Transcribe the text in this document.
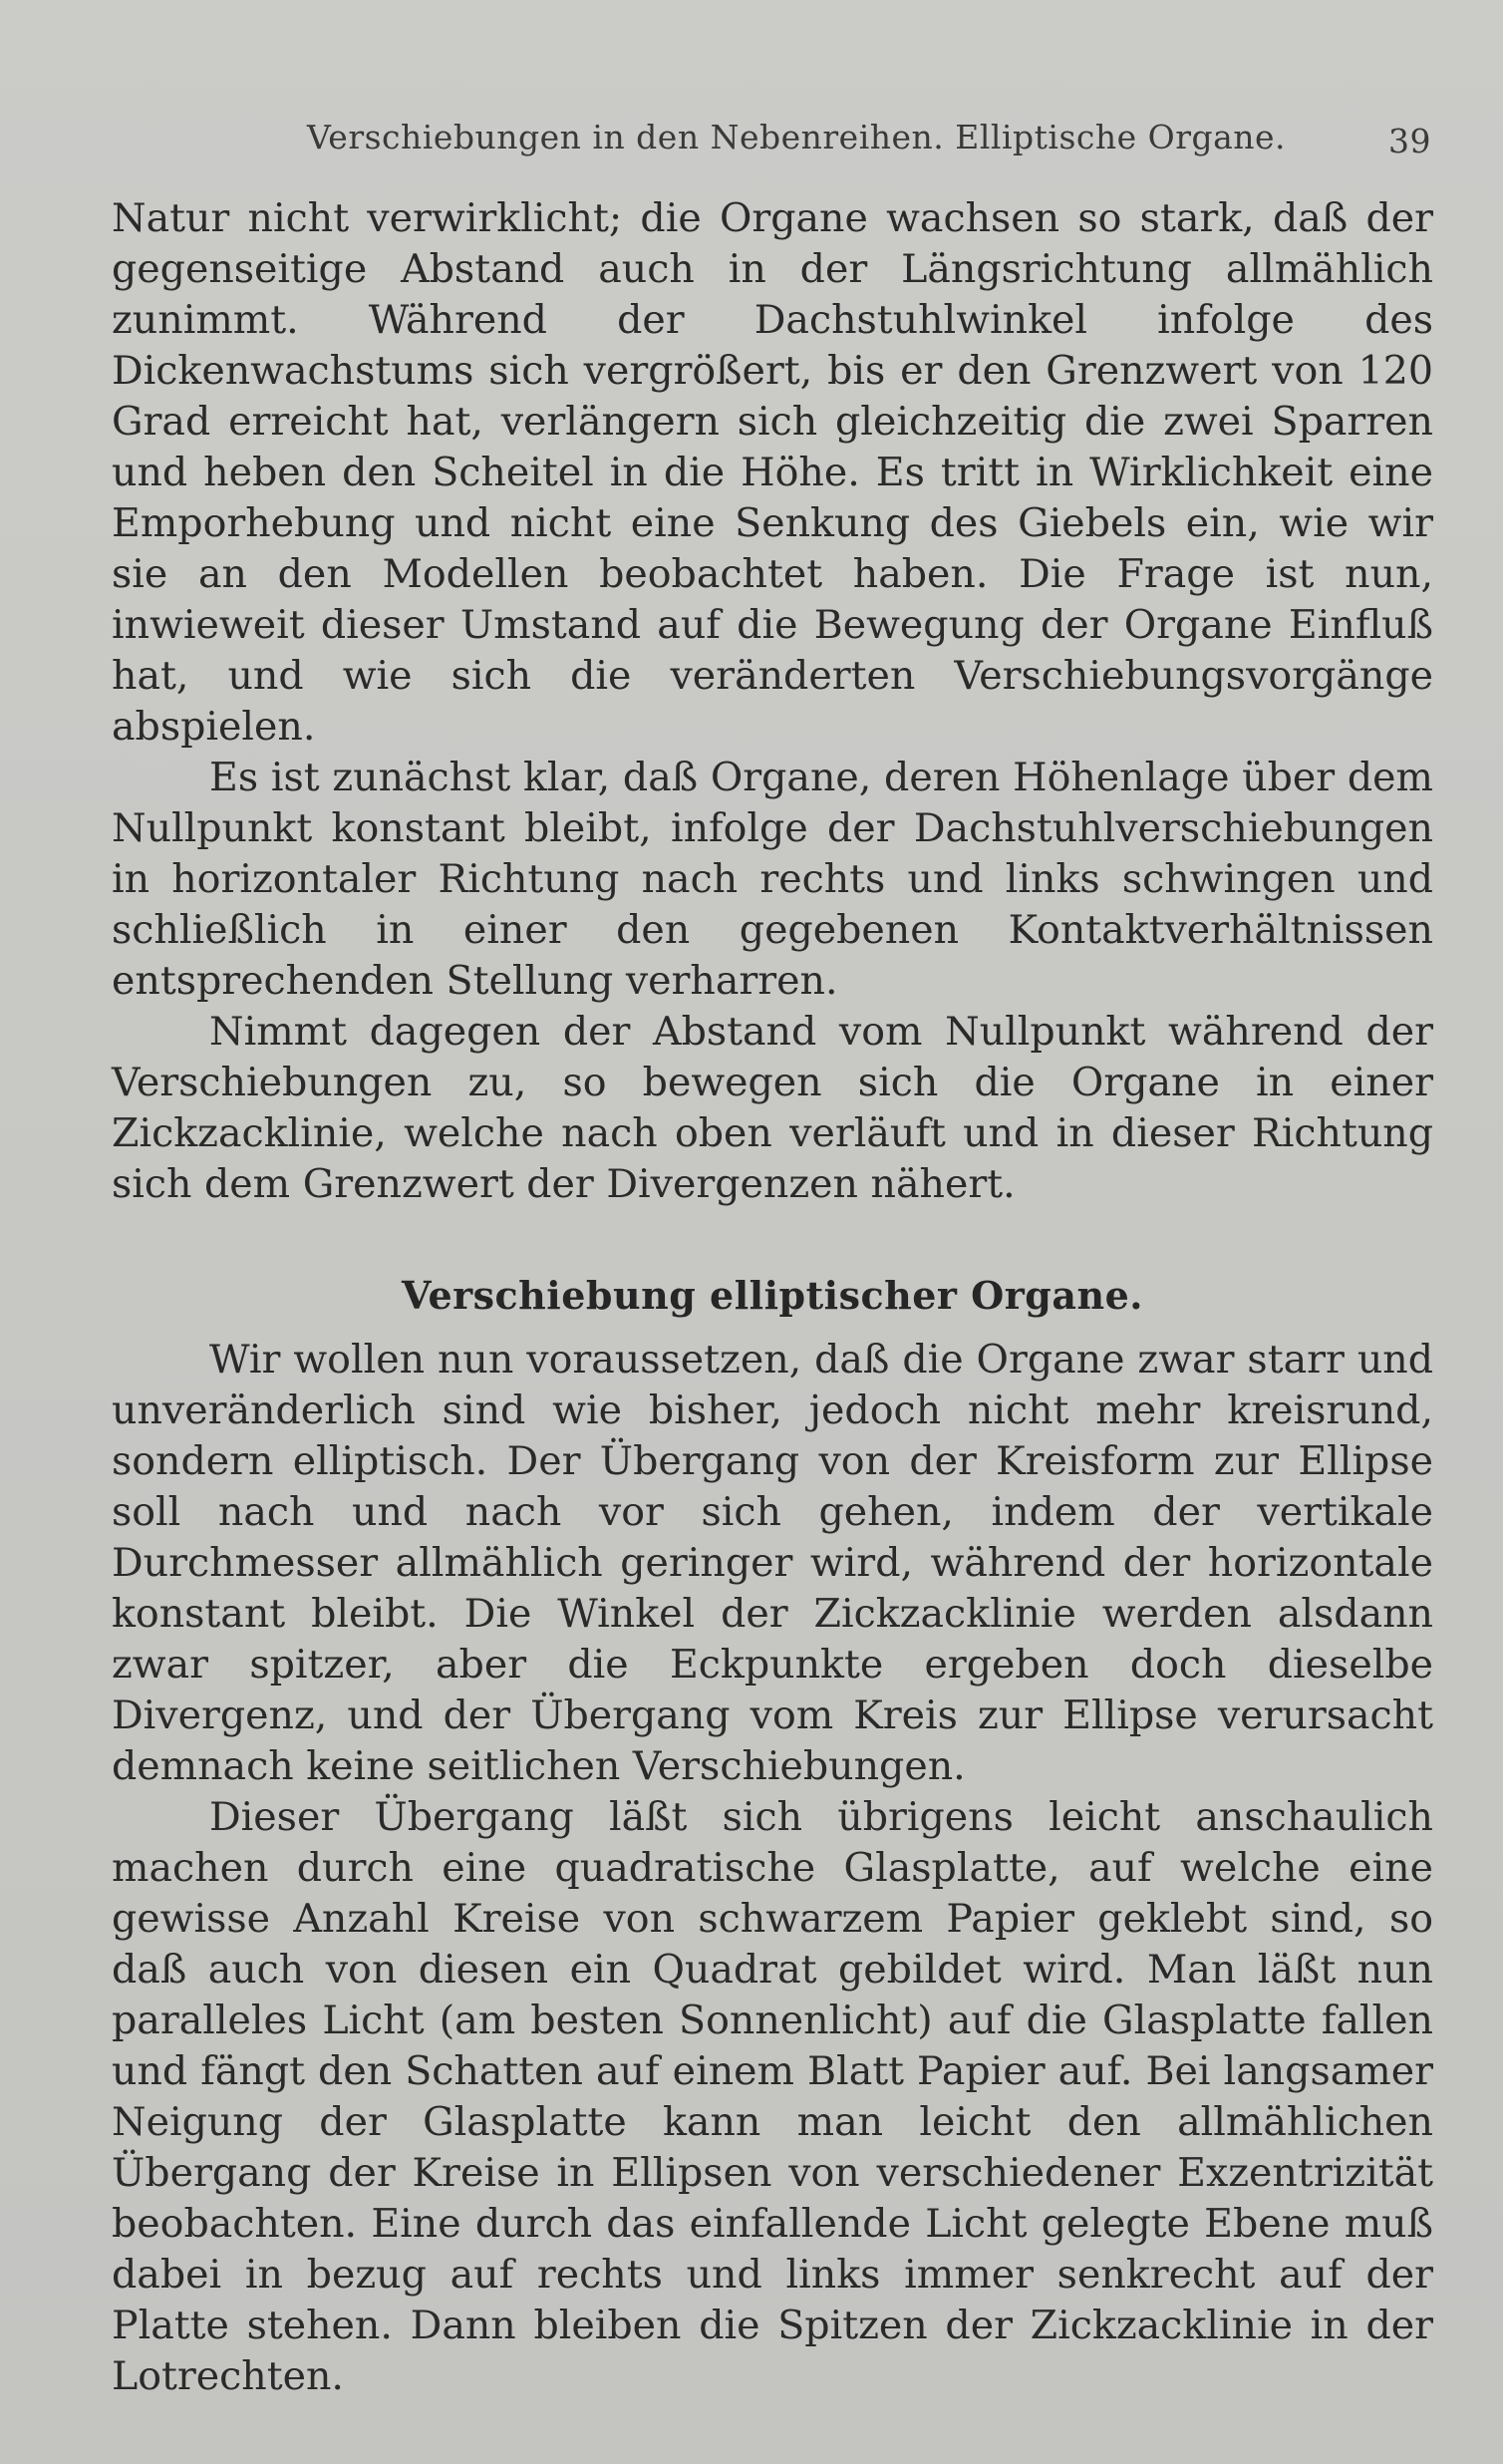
Verschiebungen in den Nebenreihen. Elliptische Organe.	39

Natur nicht verwirklicht; die Organe wachsen so stark, daß der gegenseitige Abstand auch in der Längsrichtung allmählich zunimmt. Während der Dachstuhlwinkel infolge des Dickenwachstums sich vergrößert, bis er den Grenzwert von 120 Grad erreicht hat, verlängern sich gleichzeitig die zwei Sparren und heben den Scheitel in die Höhe. Es tritt in Wirklichkeit eine Emporhebung und nicht eine Senkung des Giebels ein, wie wir sie an den Modellen beobachtet haben. Die Frage ist nun, inwieweit dieser Umstand auf die Bewegung der Organe Einfluß hat, und wie sich die veränderten Verschiebungsvorgänge abspielen.

Es ist zunächst klar, daß Organe, deren Höhenlage über dem Nullpunkt konstant bleibt, infolge der Dachstuhlverschiebungen in horizontaler Richtung nach rechts und links schwingen und schließlich in einer den gegebenen Kontaktverhältnissen entsprechenden Stellung verharren.

Nimmt dagegen der Abstand vom Nullpunkt während der Verschiebungen zu, so bewegen sich die Organe in einer Zickzacklinie, welche nach oben verläuft und in dieser Richtung sich dem Grenzwert der Divergenzen nähert.

Verschiebung elliptischer Organe.

Wir wollen nun voraussetzen, daß die Organe zwar starr und unveränderlich sind wie bisher, jedoch nicht mehr kreisrund, sondern elliptisch. Der Übergang von der Kreisform zur Ellipse soll nach und nach vor sich gehen, indem der vertikale Durchmesser allmählich geringer wird, während der horizontale konstant bleibt. Die Winkel der Zickzacklinie werden alsdann zwar spitzer, aber die Eckpunkte ergeben doch dieselbe Divergenz, und der Übergang vom Kreis zur Ellipse verursacht demnach keine seitlichen Verschiebungen.

Dieser Übergang läßt sich übrigens leicht anschaulich machen durch eine quadratische Glasplatte, auf welche eine gewisse Anzahl Kreise von schwarzem Papier geklebt sind, so daß auch von diesen ein Quadrat gebildet wird. Man läßt nun paralleles Licht (am besten Sonnenlicht) auf die Glasplatte fallen und fängt den Schatten auf einem Blatt Papier auf. Bei langsamer Neigung der Glasplatte kann man leicht den allmählichen Übergang der Kreise in Ellipsen von verschiedener Exzentrizität beobachten. Eine durch das einfallende Licht gelegte Ebene muß dabei in bezug auf rechts und links immer senkrecht auf der Platte stehen. Dann bleiben die Spitzen der Zickzacklinie in der Lotrechten.
